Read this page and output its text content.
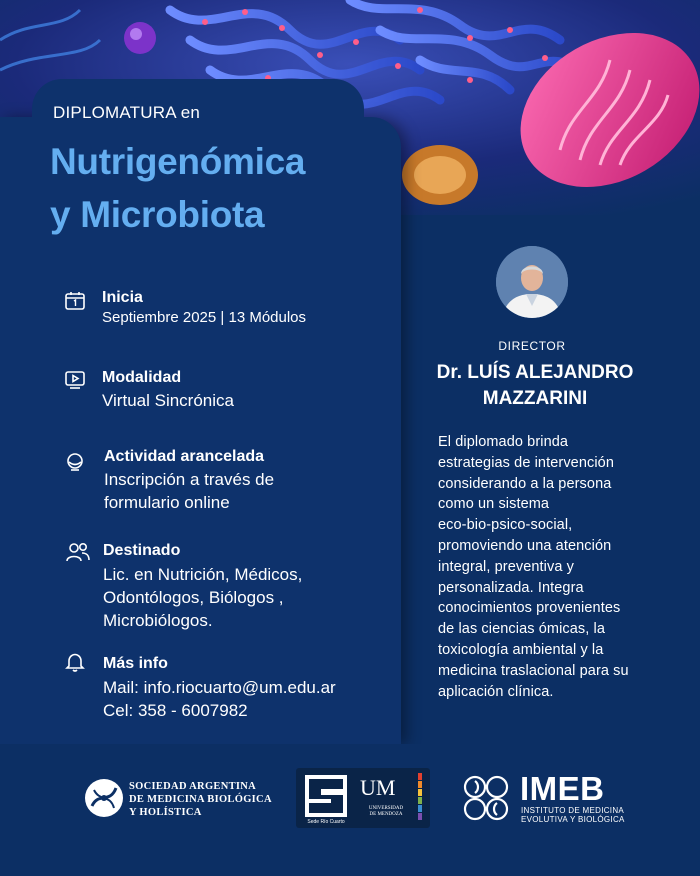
DIPLOMATURA en
Nutrigenómica
y Microbiota
Inicia
Septiembre 2025 | 13 Módulos
Modalidad
Virtual Sincrónica
Actividad arancelada
Inscripción a través de
formulario online
Destinado
Lic. en Nutrición, Médicos,
Odontólogos, Biólogos ,
Microbiólogos.
Más info
Mail: info.riocuarto@um.edu.ar
Cel: 358 - 6007982
DIRECTOR
Dr. LUÍS ALEJANDRO
MAZZARINI
El diplomado brinda
estrategias de intervención
considerando a la persona
como un sistema
eco-bio-psico-social,
promoviendo una atención
integral, preventiva y
personalizada. Integra
conocimientos provenientes
de las ciencias ómicas, la
toxicología ambiental y la
medicina traslacional para su
aplicación clínica.
SOCIEDAD ARGENTINA
DE MEDICINA BIOLÓGICA
Y HOLÍSTICA
Sede Río Cuarto
UM
UNIVERSIDAD
DE MENDOZA
IMEB
INSTITUTO DE MEDICINA
EVOLUTIVA Y BIOLÓGICA
